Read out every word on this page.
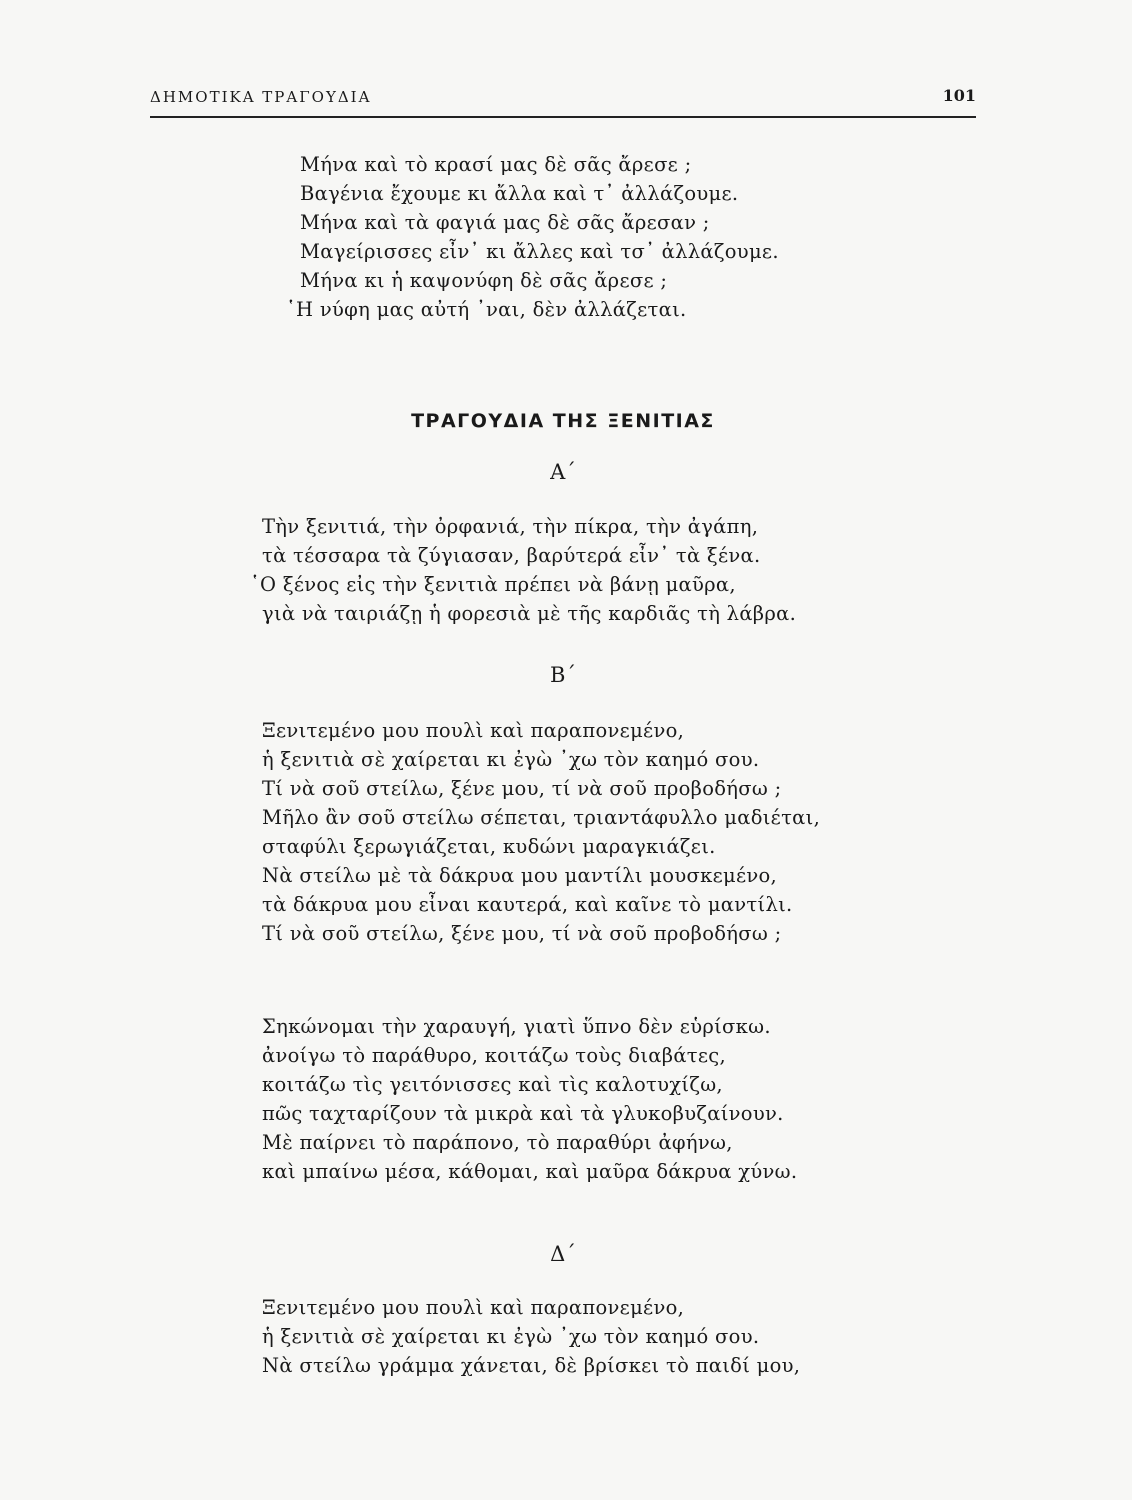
ΔΗΜΟΤΙΚΑ ΤΡΑΓΟΥΔΙΑ	101
Μήνα καὶ τὸ κρασί μας δὲ σᾶς ἄρεσε ;
Βαγένια ἔχουμε κι ἄλλα καὶ τ᾽ ἀλλάζουμε.
Μήνα καὶ τὰ φαγιά μας δὲ σᾶς ἄρεσαν ;
Μαγείρισσες εἶν᾽ κι ἄλλες καὶ τσ᾽ ἀλλάζουμε.
Μήνα κι ἡ καψονύφη δὲ σᾶς ἄρεσε ;
῾Η νύφη μας αὐτή ᾽ναι, δὲν ἀλλάζεται.
ΤΡΑΓΟΥΔΙΑ ΤΗΣ ΞΕΝΙΤΙΑΣ
Α΄
Τὴν ξενιτιά, τὴν ὀρφανιά, τὴν πίκρα, τὴν ἀγάπη,
τὰ τέσσαρα τὰ ζύγιασαν, βαρύτερά εἶν᾽ τὰ ξένα.
῾Ο ξένος εἰς τὴν ξενιτιὰ πρέπει νὰ βάνῃ μαῦρα,
γιὰ νὰ ταιριάζῃ ἡ φορεσιὰ μὲ τῆς καρδιᾶς τὴ λάβρα.
Β΄
Ξενιτεμένο μου πουλὶ καὶ παραπονεμένο,
ἡ ξενιτιὰ σὲ χαίρεται κι ἐγὼ ᾽χω τὸν καημό σου.
Τί νὰ σοῦ στείλω, ξένε μου, τί νὰ σοῦ προβοδήσω ;
Μῆλο ἂν σοῦ στείλω σέπεται, τριαντάφυλλο μαδιέται,
σταφύλι ξερωγιάζεται, κυδώνι μαραγκιάζει.
Νὰ στείλω μὲ τὰ δάκρυα μου μαντίλι μουσκεμένο,
τὰ δάκρυα μου εἶναι καυτερά, καὶ καῖνε τὸ μαντίλι.
Τί νὰ σοῦ στείλω, ξένε μου, τί νὰ σοῦ προβοδήσω ;
Σηκώνομαι τὴν χαραυγή, γιατὶ ὕπνο δὲν εὑρίσκω.
ἀνοίγω τὸ παράθυρο, κοιτάζω τοὺς διαβάτες,
κοιτάζω τὶς γειτόνισσες καὶ τὶς καλοτυχίζω,
πῶς ταχταρίζουν τὰ μικρὰ καὶ τὰ γλυκοβυζαίνουν.
Μὲ παίρνει τὸ παράπονο, τὸ παραθύρι ἀφήνω,
καὶ μπαίνω μέσα, κάθομαι, καὶ μαῦρα δάκρυα χύνω.
Δ΄
Ξενιτεμένο μου πουλὶ καὶ παραπονεμένο,
ἡ ξενιτιὰ σὲ χαίρεται κι ἐγὼ ᾽χω τὸν καημό σου.
Νὰ στείλω γράμμα χάνεται, δὲ βρίσκει τὸ παιδί μου,
